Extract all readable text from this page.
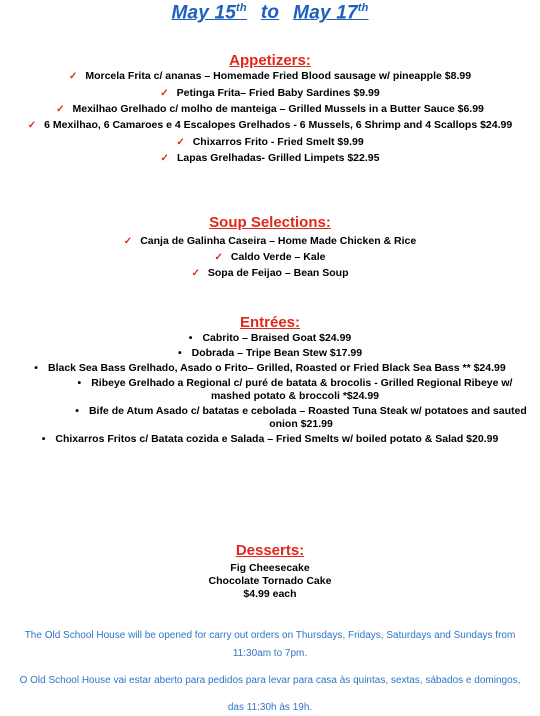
May 15th to May 17th
Appetizers:
✓ Morcela Frita c/ ananas – Homemade Fried Blood sausage w/ pineapple $8.99
✓ Petinga Frita– Fried Baby Sardines $9.99
✓ Mexilhao Grelhado c/ molho de manteiga – Grilled Mussels in a Butter Sauce $6.99
✓ 6 Mexilhao, 6 Camaroes e 4 Escalopes Grelhados - 6 Mussels, 6 Shrimp and 4 Scallops $24.99
✓ Chixarros Frito - Fried Smelt $9.99
✓ Lapas Grelhadas- Grilled Limpets $22.95
Soup Selections:
✓ Canja de Galinha Caseira – Home Made Chicken & Rice
✓ Caldo Verde – Kale
✓ Sopa de Feijao – Bean Soup
Entrées:
• Cabrito – Braised Goat $24.99
• Dobrada – Tripe Bean Stew $17.99
• Black Sea Bass Grelhado, Asado o Frito– Grilled, Roasted or Fried Black Sea Bass ** $24.99
• Ribeye Grelhado a Regional c/ puré de batata & brocolis - Grilled Regional Ribeye w/ mashed potato & broccoli *$24.99
• Bife de Atum Asado c/ batatas e cebolada – Roasted Tuna Steak w/ potatoes and sauted onion $21.99
• Chixarros Fritos c/ Batata cozida e Salada – Fried Smelts w/ boiled potato & Salad $20.99
Desserts:
Fig Cheesecake
Chocolate Tornado Cake
$4.99 each
The Old School House will be opened for carry out orders on Thursdays, Fridays, Saturdays and Sundays from
11:30am to 7pm.
O Old School House vai estar aberto para pedidos para levar para casa às quintas, sextas, sábados e domingos,
das 11:30h às 19h.
